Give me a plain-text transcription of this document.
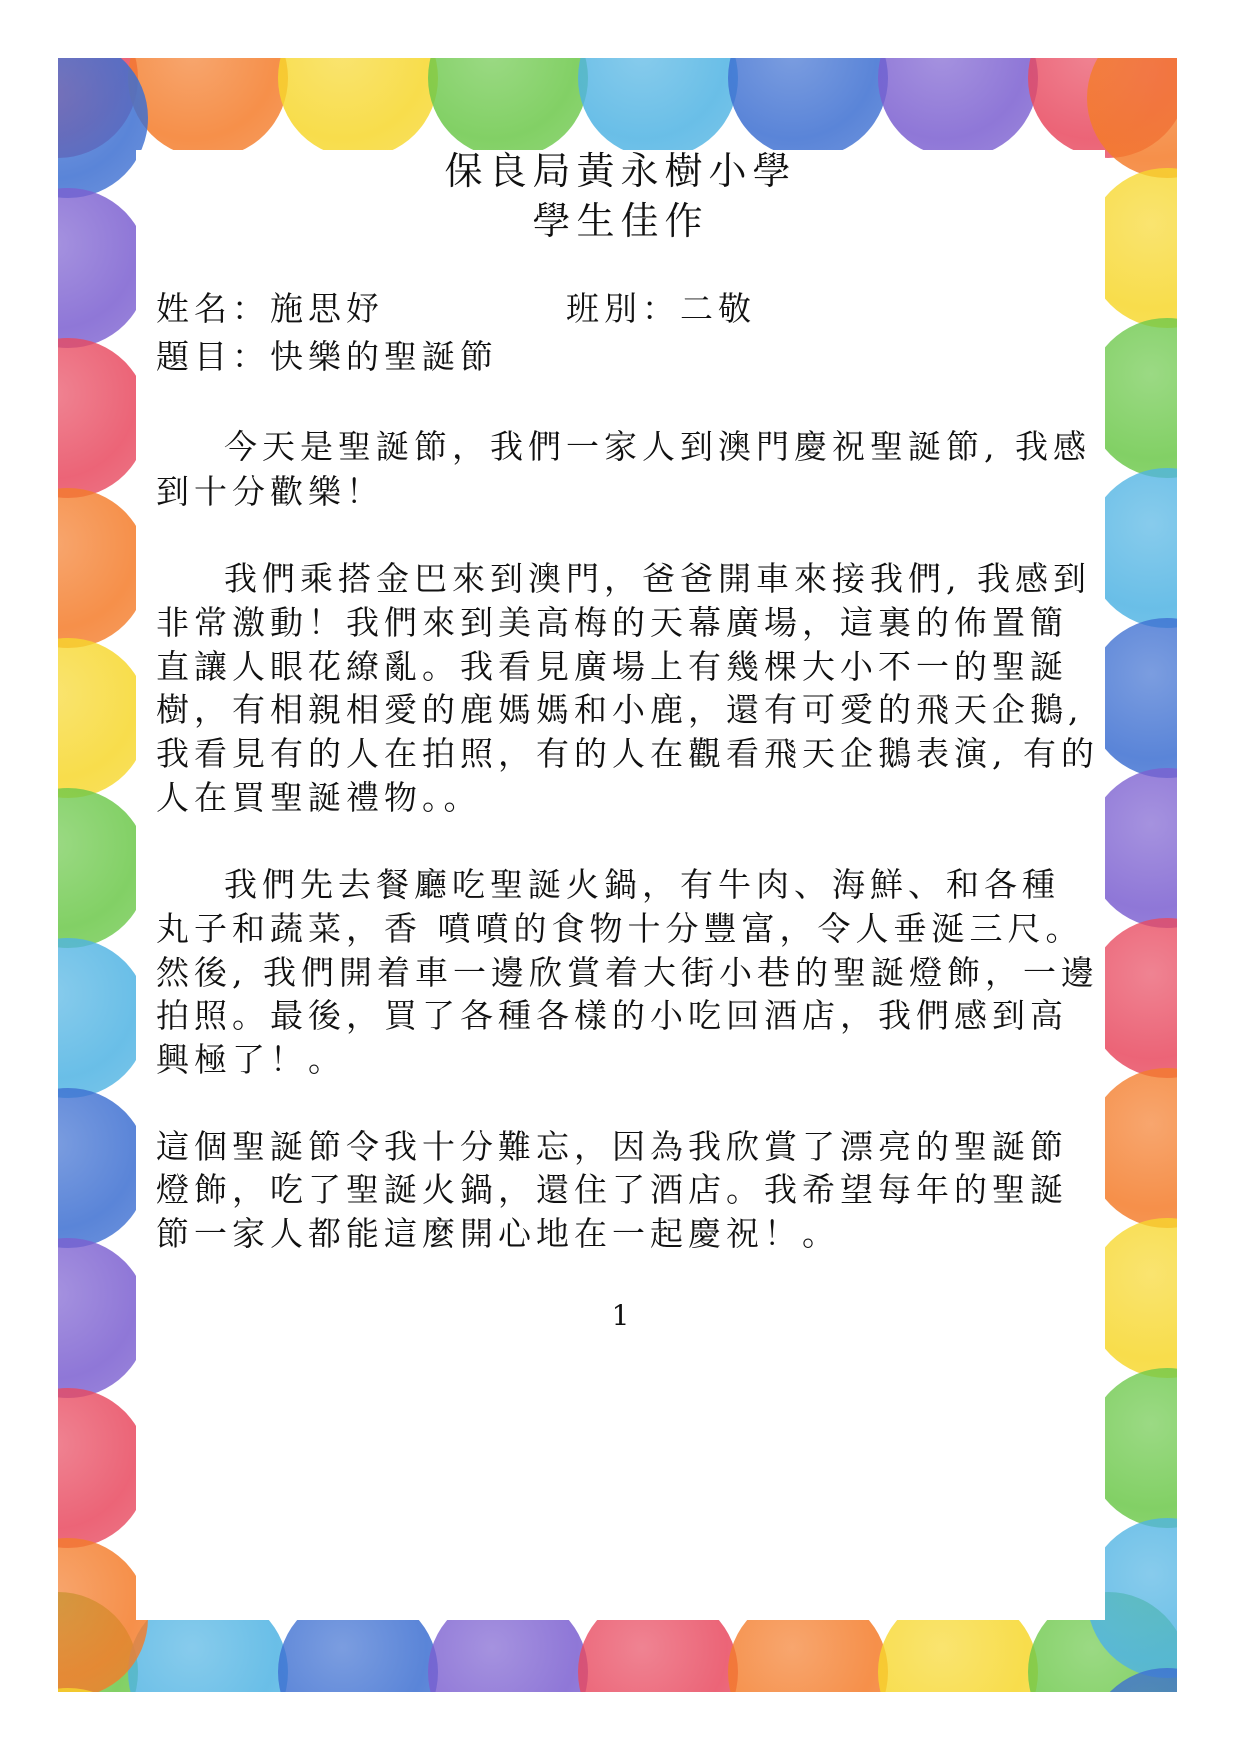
保良局黃永樹小學
學生佳作
姓名：施思妤	班別：二敬
題目：快樂的聖誕節
今天是聖誕節，我們一家人到澳門慶祝聖誕節, 我感
到十分歡樂！
我們乘搭金巴來到澳門，爸爸開車來接我們, 我感到
非常激動！我們來到美高梅的天幕廣場，這裏的佈置簡
直讓人眼花繚亂。我看見廣場上有幾棵大小不一的聖誕
樹，有相親相愛的鹿媽媽和小鹿，還有可愛的飛天企鵝,
我看見有的人在拍照，有的人在觀看飛天企鵝表演, 有的
人在買聖誕禮物。。
我們先去餐廳吃聖誕火鍋，有牛肉、海鮮、和各種
丸子和蔬菜，香 噴噴的食物十分豐富，令人垂涎三尺。
然後, 我們開着車一邊欣賞着大街小巷的聖誕燈飾，一邊
拍照。最後，買了各種各樣的小吃回酒店，我們感到高
興極了！。
這個聖誕節令我十分難忘，因為我欣賞了漂亮的聖誕節
燈飾，吃了聖誕火鍋，還住了酒店。我希望每年的聖誕
節一家人都能這麼開心地在一起慶祝！。
1
